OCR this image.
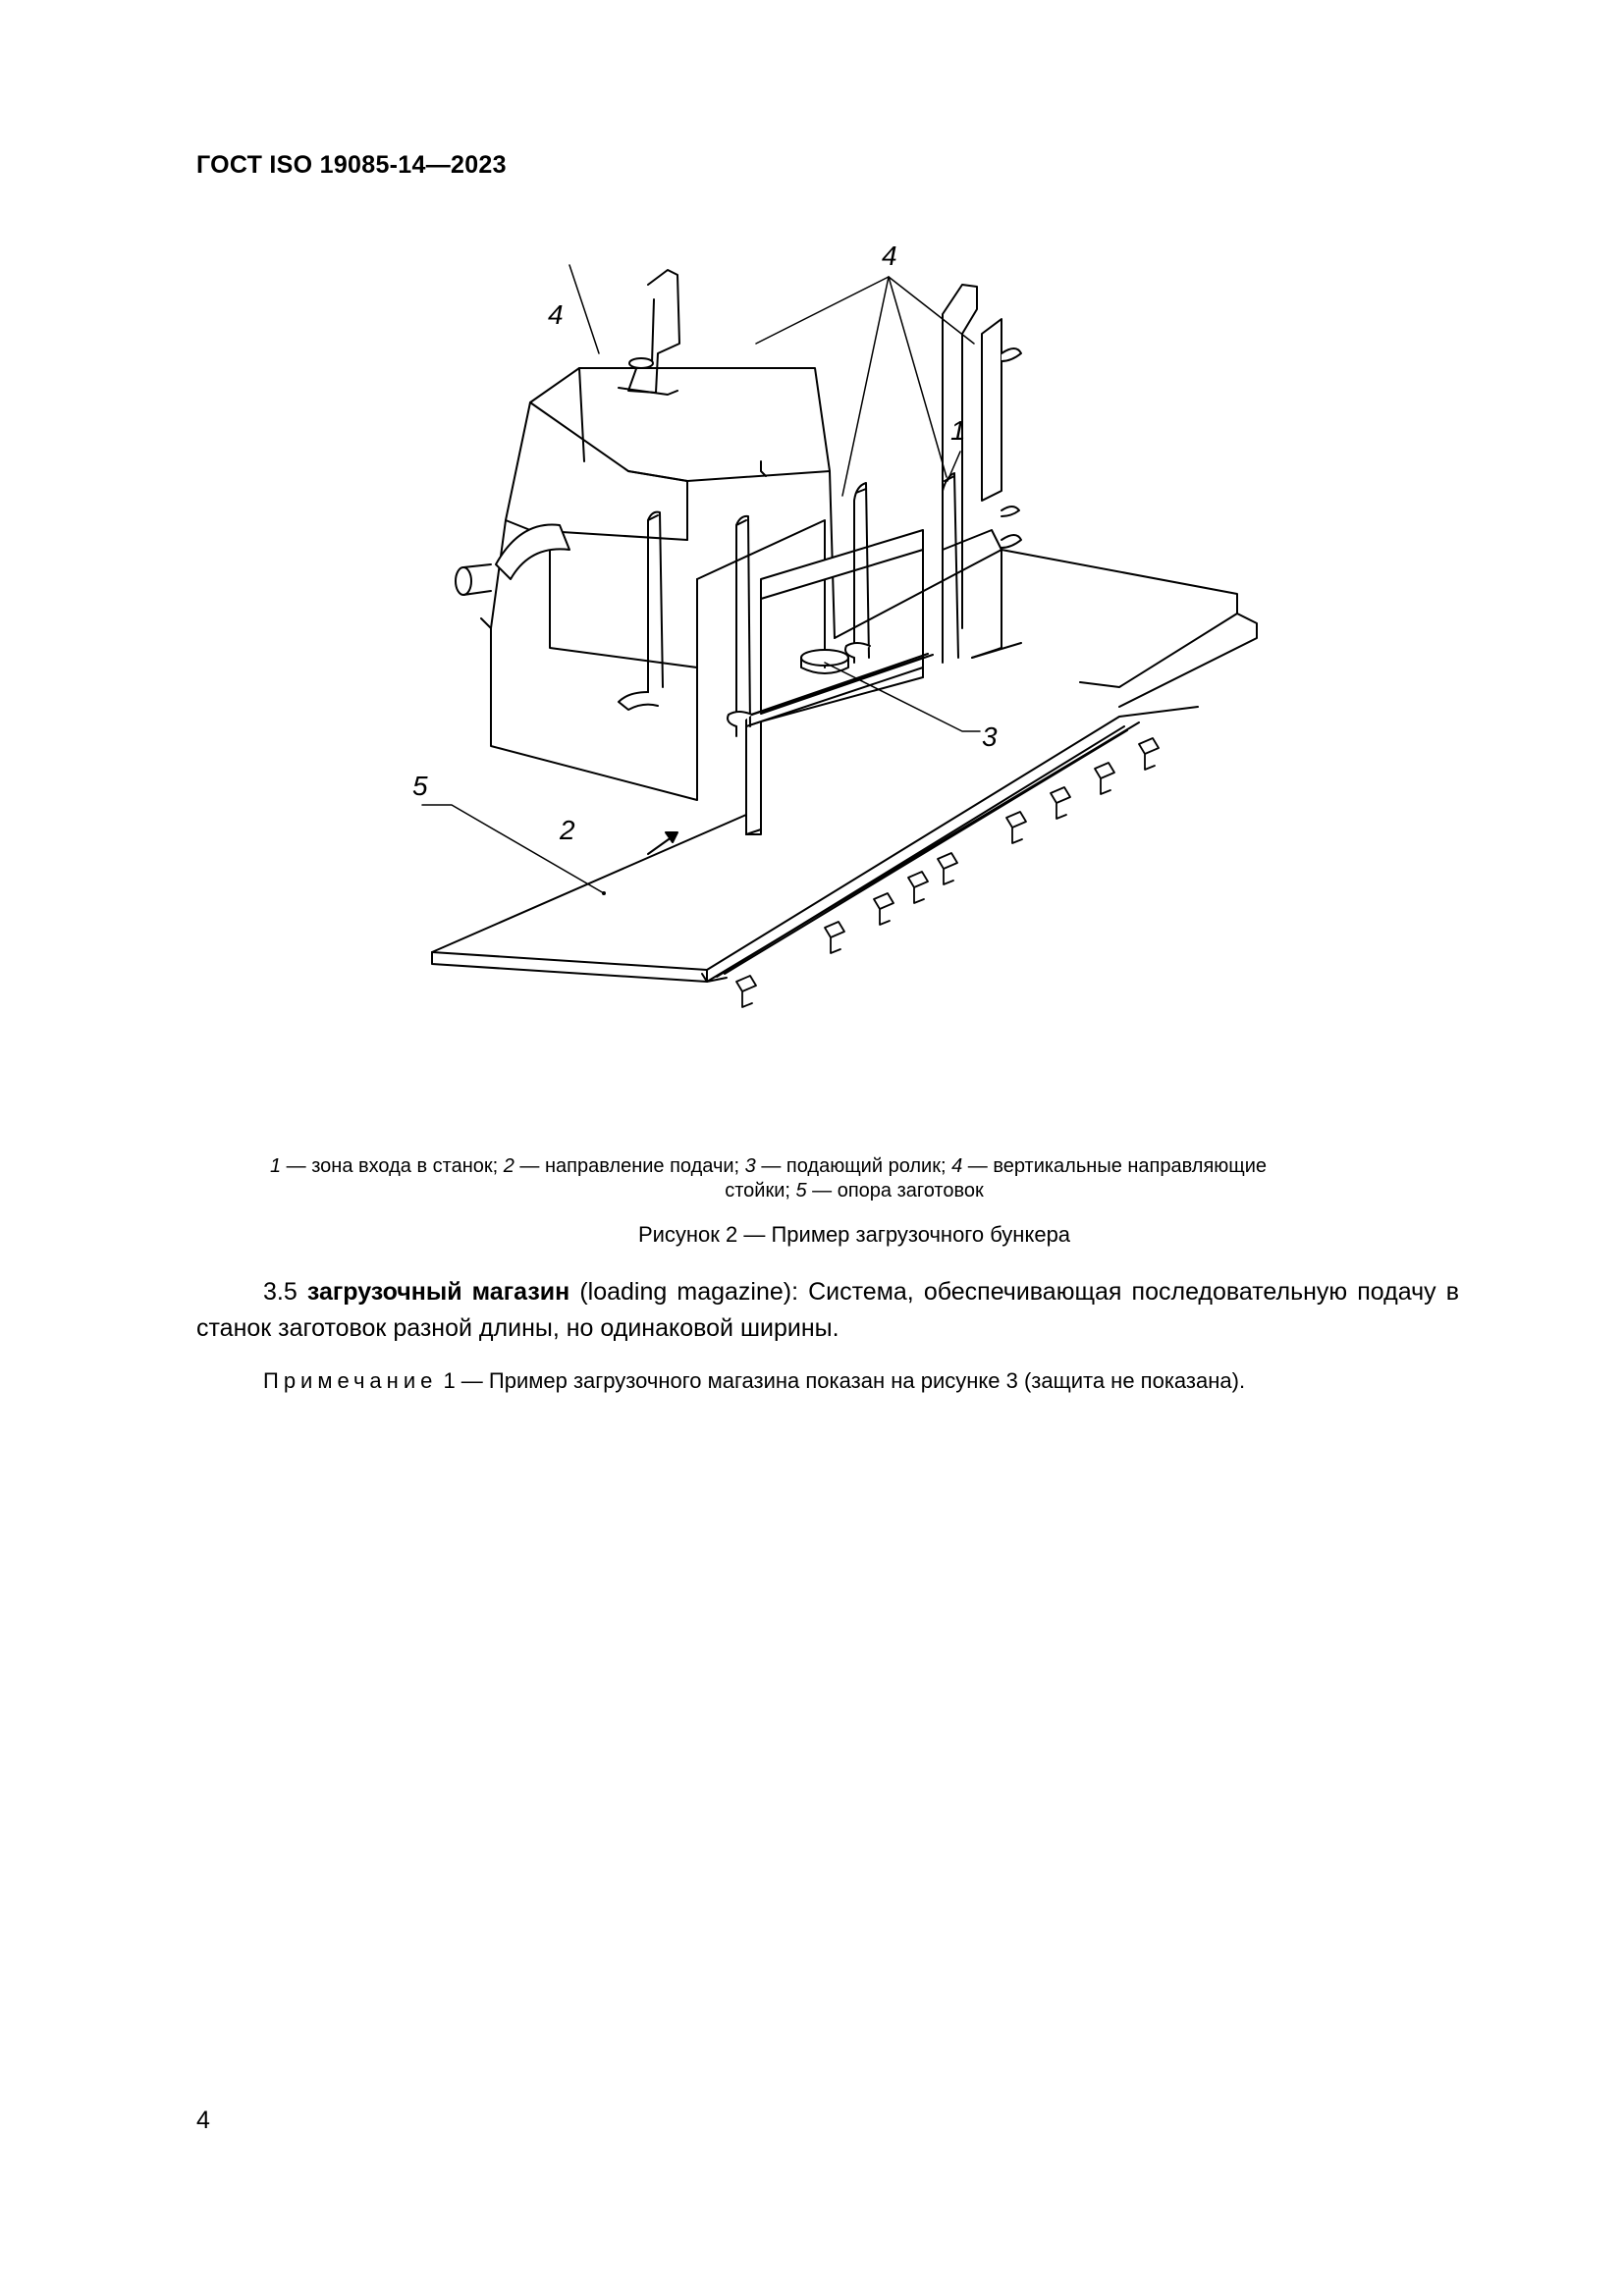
ГОСТ ISO 19085-14—2023
4
4
1
3
2
5
1 — зона входа в станок; 2 — направление подачи; 3 — подающий ролик; 4 — вертикальные направляющие
стойки; 5 — опора заготовок
Рисунок 2 — Пример загрузочного бункера
3.5 загрузочный магазин (loading magazine): Система, обеспечивающая последовательную подачу в станок заготовок разной длины, но одинаковой ширины.
Примечание 1 — Пример загрузочного магазина показан на рисунке 3 (защита не показана).
4
